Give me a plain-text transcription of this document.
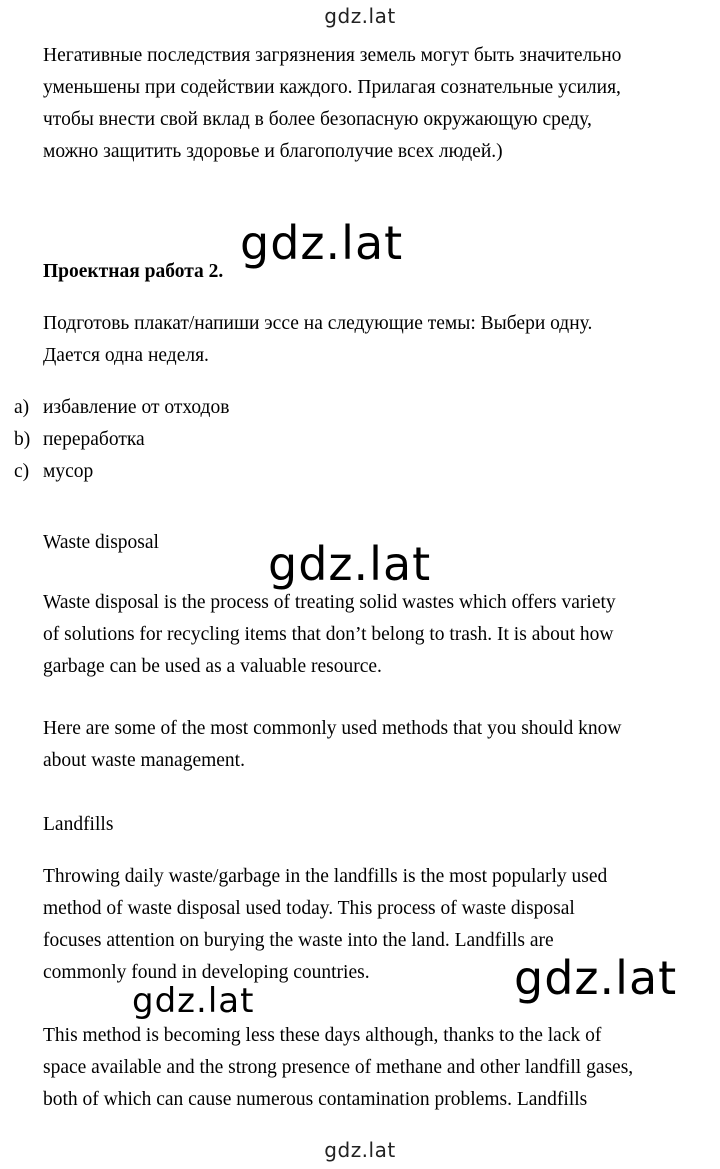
gdz.lat

Негативные последствия загрязнения земель могут быть значительно
уменьшены при содействии каждого. Прилагая сознательные усилия,
чтобы внести свой вклад в более безопасную окружающую среду,
можно защитить здоровье и благополучие всех людей.)

Проектная работа 2.

Подготовь плакат/напиши эссе на следующие темы: Выбери одну.
Дается одна неделя.

a) избавление от отходов
b) переработка
c) мусор
Waste disposal

Waste disposal is the process of treating solid wastes which offers variety
of solutions for recycling items that don’t belong to trash. It is about how
garbage can be used as a valuable resource.

Here are some of the most commonly used methods that you should know
about waste management.

Landfills

Throwing daily waste/garbage in the landfills is the most popularly used
method of waste disposal used today. This process of waste disposal
focuses attention on burying the waste into the land. Landfills are
commonly found in developing countries.

This method is becoming less these days although, thanks to the lack of
space available and the strong presence of methane and other landfill gases,
both of which can cause numerous contamination problems. Landfills

gdz.lat
gdz.lat
gdz.lat
gdz.lat
gdz.lat
